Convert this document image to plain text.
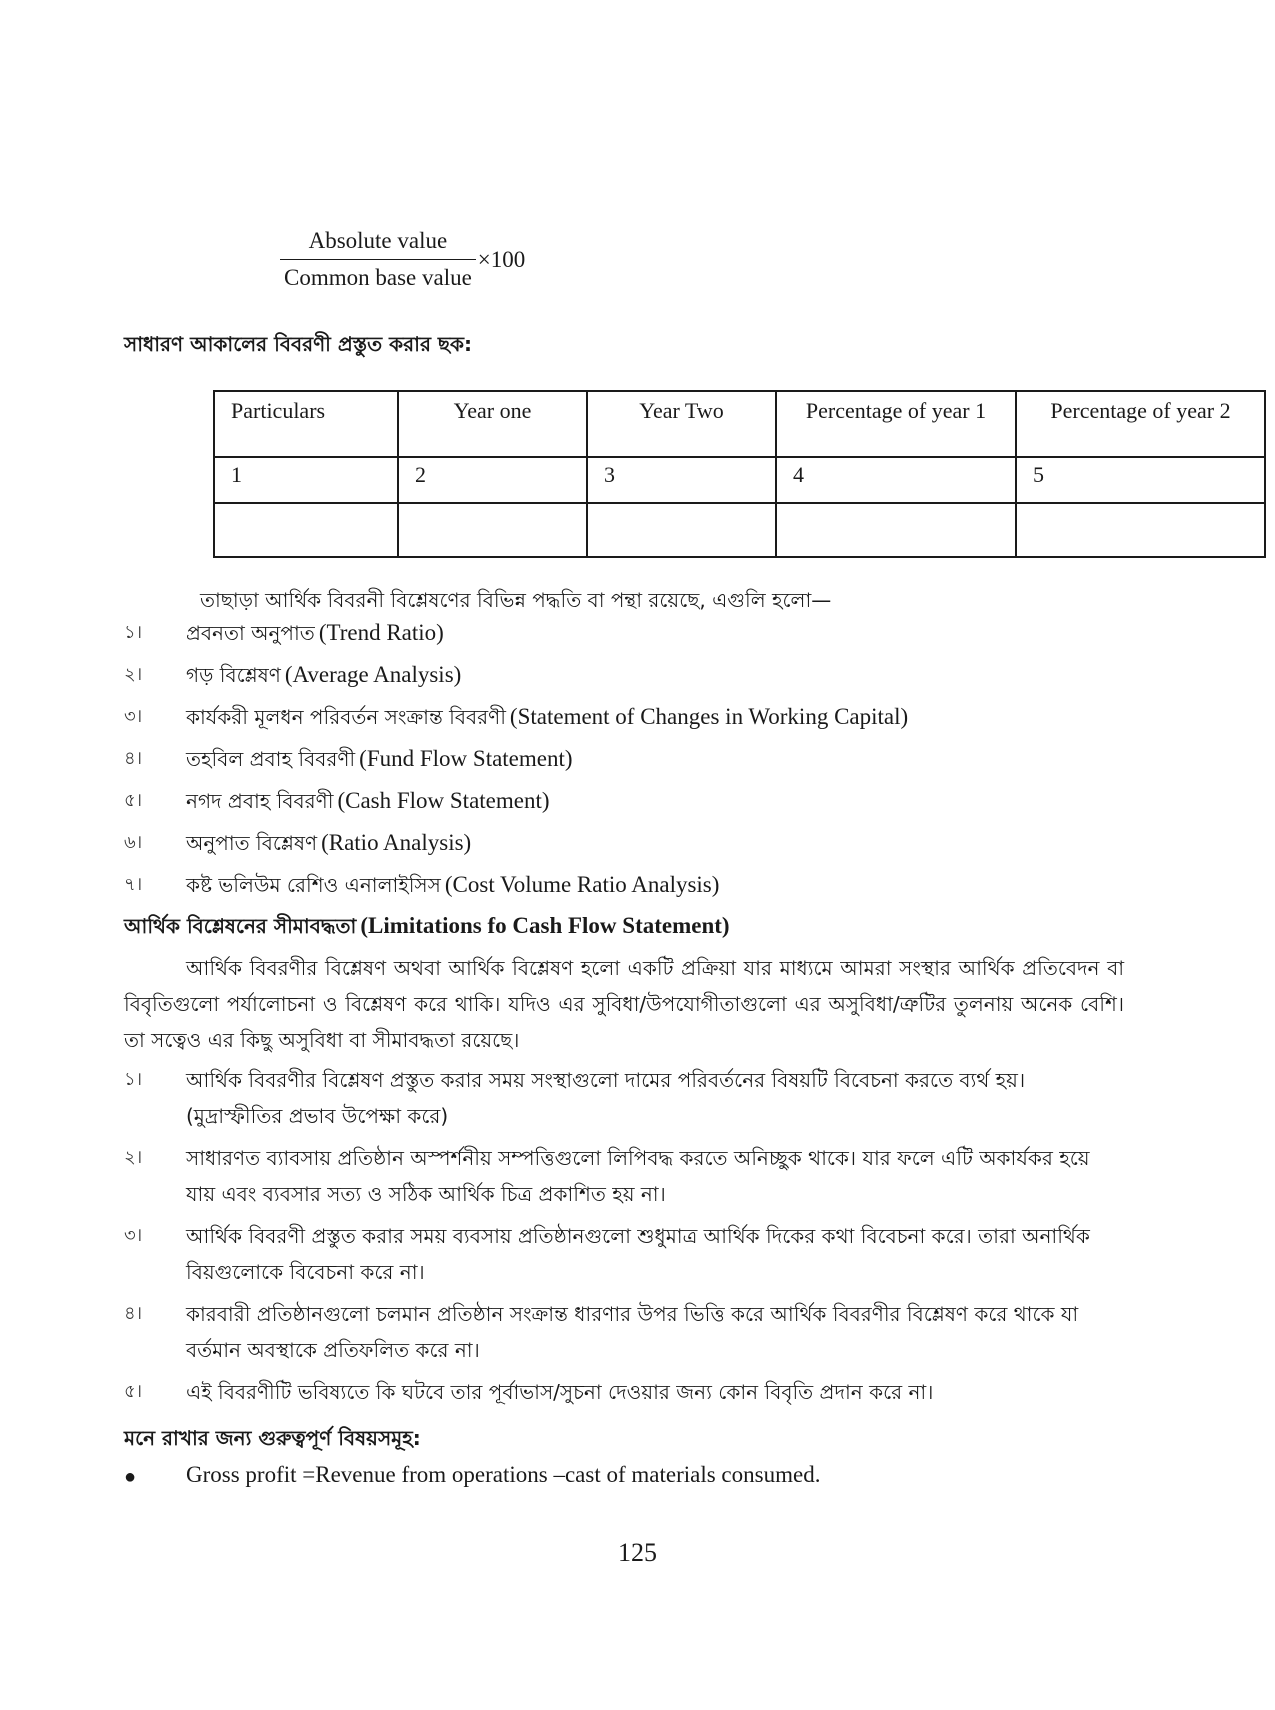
$\frac{\text{Absolute value}}{\text{Common base value}} \times 100$
সাধারণ আকালের বিবরণী প্রস্তুত করার ছক:
Particulars	Year one	Year Two	Percentage of year 1	Percentage of year 2
1	2	3	4	5

তাছাড়া আর্থিক বিবরনী বিশ্লেষণের বিভিন্ন পদ্ধতি বা পন্থা রয়েছে, এগুলি হলো—
১। প্রবনতা অনুপাত (Trend Ratio)
২। গড় বিশ্লেষণ (Average Analysis)
৩। কার্যকরী মূলধন পরিবর্তন সংক্রান্ত বিবরণী (Statement of Changes in Working Capital)
৪। তহবিল প্রবাহ বিবরণী (Fund Flow Statement)
৫। নগদ প্রবাহ বিবরণী (Cash Flow Statement)
৬। অনুপাত বিশ্লেষণ (Ratio Analysis)
৭। কষ্ট ভলিউম রেশিও এনালাইসিস (Cost Volume Ratio Analysis)
আর্থিক বিশ্লেষনের সীমাবদ্ধতা (Limitations fo Cash Flow Statement)
আর্থিক বিবরণীর বিশ্লেষণ অথবা আর্থিক বিশ্লেষণ হলো একটি প্রক্রিয়া যার মাধ্যমে আমরা সংস্থার আর্থিক প্রতিবেদন বা বিবৃতিগুলো পর্যালোচনা ও বিশ্লেষণ করে থাকি। যদিও এর সুবিধা/উপযোগীতাগুলো এর অসুবিধা/ত্রুটির তুলনায় অনেক বেশি। তা সত্বেও এর কিছু অসুবিধা বা সীমাবদ্ধতা রয়েছে।
১। আর্থিক বিবরণীর বিশ্লেষণ প্রস্তুত করার সময় সংস্থাগুলো দামের পরিবর্তনের বিষয়টি বিবেচনা করতে ব্যর্থ হয়। (মুদ্রাস্ফীতির প্রভাব উপেক্ষা করে)
২। সাধারণত ব্যাবসায় প্রতিষ্ঠান অস্পর্শনীয় সম্পত্তিগুলো লিপিবদ্ধ করতে অনিচ্ছুক থাকে। যার ফলে এটি অকার্যকর হয়ে যায় এবং ব্যবসার সত্য ও সঠিক আর্থিক চিত্র প্রকাশিত হয় না।
৩। আর্থিক বিবরণী প্রস্তুত করার সময় ব্যবসায় প্রতিষ্ঠানগুলো শুধুমাত্র আর্থিক দিকের কথা বিবেচনা করে। তারা অনার্থিক বিয়গুলোকে বিবেচনা করে না।
৪। কারবারী প্রতিষ্ঠানগুলো চলমান প্রতিষ্ঠান সংক্রান্ত ধারণার উপর ভিত্তি করে আর্থিক বিবরণীর বিশ্লেষণ করে থাকে যা বর্তমান অবস্থাকে প্রতিফলিত করে না।
৫। এই বিবরণীটি ভবিষ্যতে কি ঘটবে তার পূর্বাভাস/সুচনা দেওয়ার জন্য কোন বিবৃতি প্রদান করে না।
মনে রাখার জন্য গুরুত্বপূর্ণ বিষয়সমূহ:
● Gross profit =Revenue from operations –cast of materials consumed.
125
